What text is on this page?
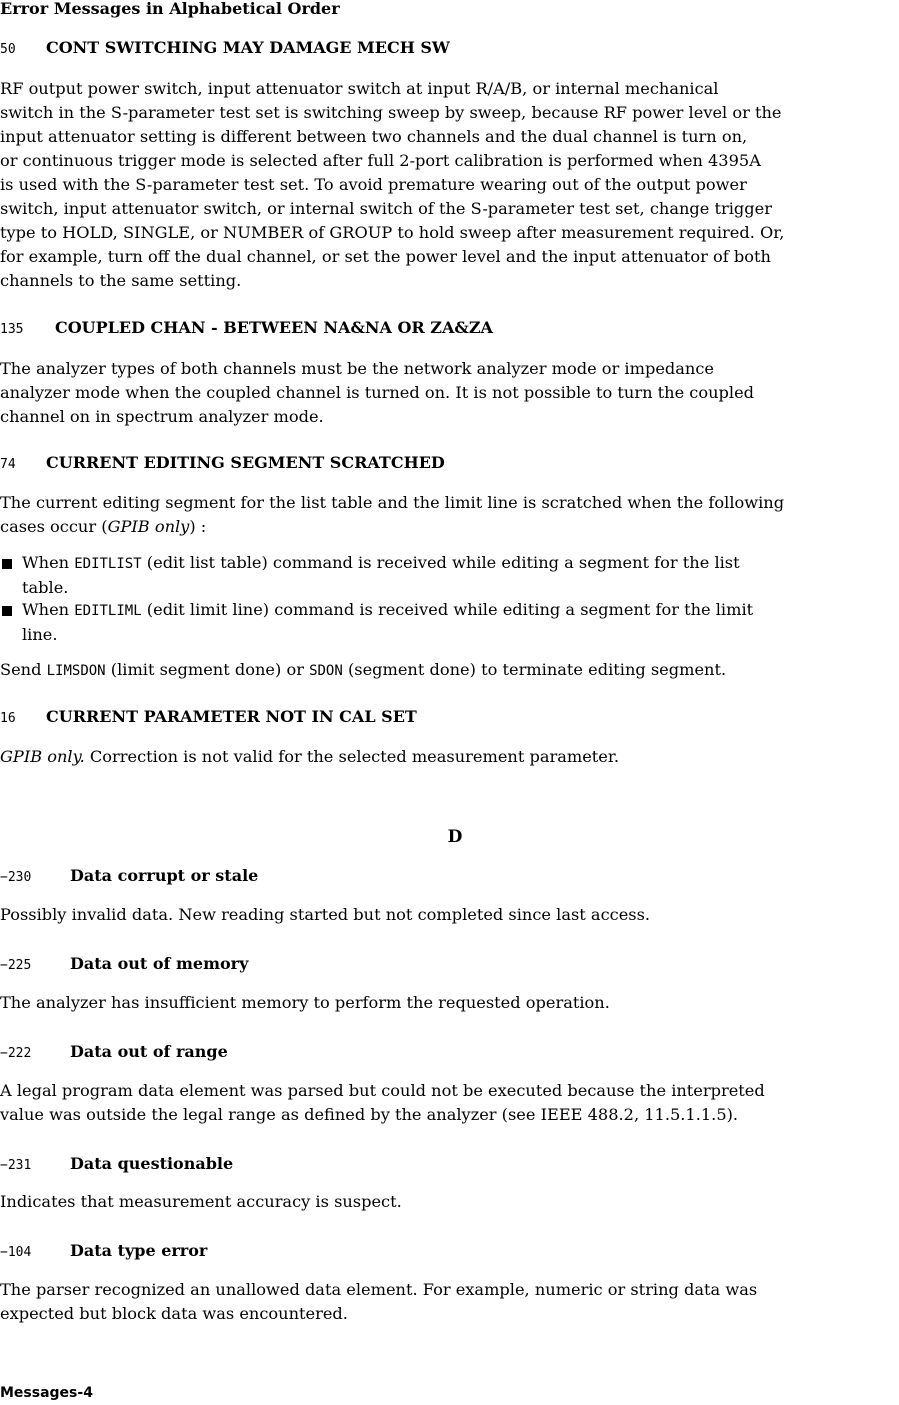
Error Messages in Alphabetical Order
50 CONT SWITCHING MAY DAMAGE MECH SW
RF output power switch, input attenuator switch at input R/A/B, or internal mechanical
switch in the S-parameter test set is switching sweep by sweep, because RF power level or the
input attenuator setting is different between two channels and the dual channel is turn on,
or continuous trigger mode is selected after full 2-port calibration is performed when 4395A
is used with the S-parameter test set. To avoid premature wearing out of the output power
switch, input attenuator switch, or internal switch of the S-parameter test set, change trigger
type to HOLD, SINGLE, or NUMBER of GROUP to hold sweep after measurement required. Or,
for example, turn off the dual channel, or set the power level and the input attenuator of both
channels to the same setting.
135 COUPLED CHAN - BETWEEN NA&NA OR ZA&ZA
The analyzer types of both channels must be the network analyzer mode or impedance
analyzer mode when the coupled channel is turned on. It is not possible to turn the coupled
channel on in spectrum analyzer mode.
74 CURRENT EDITING SEGMENT SCRATCHED
The current editing segment for the list table and the limit line is scratched when the following
cases occur (GPIB only) :
When EDITLIST (edit list table) command is received while editing a segment for the list
table.
When EDITLIML (edit limit line) command is received while editing a segment for the limit
line.
Send LIMSDON (limit segment done) or SDON (segment done) to terminate editing segment.
16 CURRENT PARAMETER NOT IN CAL SET
GPIB only. Correction is not valid for the selected measurement parameter.
D
−230 Data corrupt or stale
Possibly invalid data. New reading started but not completed since last access.
−225 Data out of memory
The analyzer has insufficient memory to perform the requested operation.
−222 Data out of range
A legal program data element was parsed but could not be executed because the interpreted
value was outside the legal range as defined by the analyzer (see IEEE 488.2, 11.5.1.1.5).
−231 Data questionable
Indicates that measurement accuracy is suspect.
−104 Data type error
The parser recognized an unallowed data element. For example, numeric or string data was
expected but block data was encountered.
Messages-4
